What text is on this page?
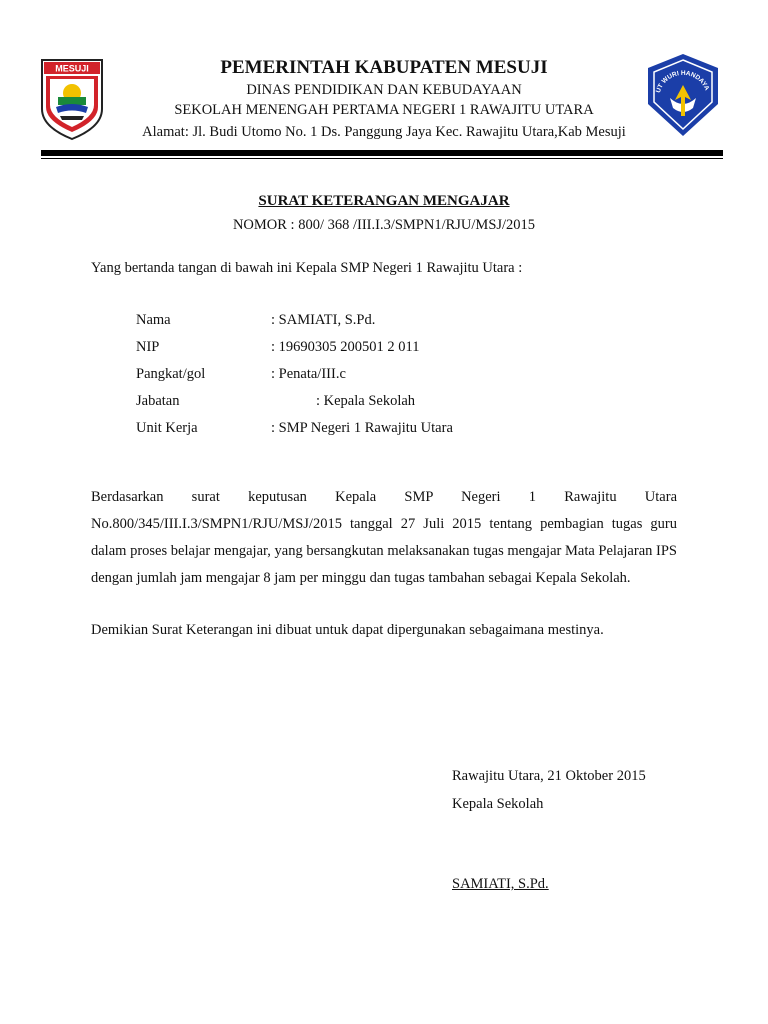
MESUJI
UT WURI HANDAYA
PEMERINTAH KABUPATEN MESUJI
DINAS PENDIDIKAN DAN KEBUDAYAAN
SEKOLAH MENENGAH PERTAMA NEGERI 1 RAWAJITU UTARA
Alamat: Jl. Budi Utomo No. 1 Ds. Panggung Jaya Kec. Rawajitu Utara,Kab Mesuji
SURAT KETERANGAN MENGAJAR
NOMOR : 800/ 368 /III.I.3/SMPN1/RJU/MSJ/2015
Yang bertanda tangan di bawah ini Kepala SMP Negeri 1 Rawajitu Utara :
Nama	: SAMIATI, S.Pd.
NIP	: 19690305 200501 2 011
Pangkat/gol	: Penata/III.c
Jabatan	: Kepala Sekolah
Unit Kerja	: SMP Negeri 1 Rawajitu Utara
Berdasarkan surat keputusan Kepala SMP Negeri 1 Rawajitu Utara No.800/345/III.I.3/SMPN1/RJU/MSJ/2015 tanggal 27 Juli 2015 tentang pembagian tugas guru dalam proses belajar mengajar, yang bersangkutan melaksanakan tugas mengajar Mata Pelajaran IPS dengan jumlah jam mengajar 8 jam per minggu dan tugas tambahan sebagai Kepala Sekolah.
Demikian Surat Keterangan ini dibuat untuk dapat dipergunakan sebagaimana mestinya.
Rawajitu Utara, 21 Oktober 2015
Kepala Sekolah
SAMIATI, S.Pd.
